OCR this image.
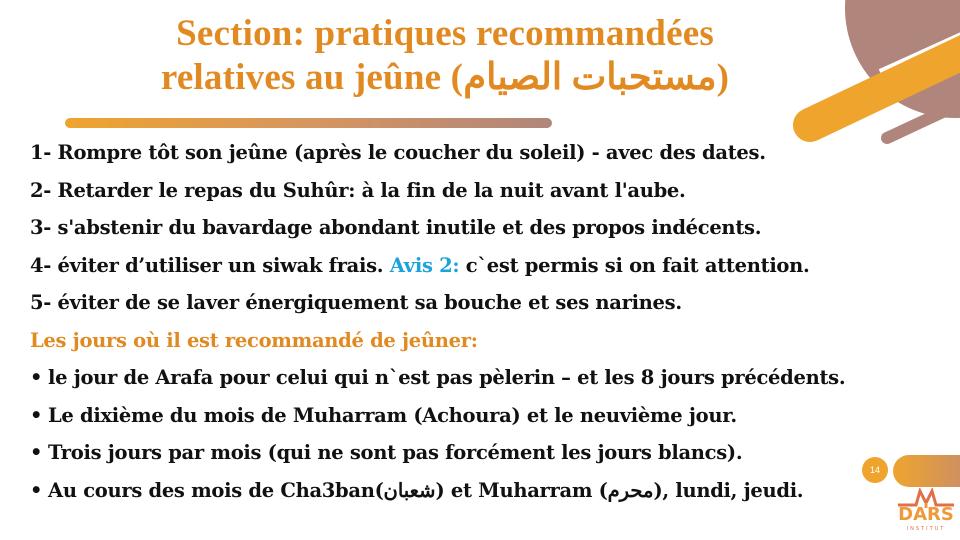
Section: pratiques recommandées
relatives au jeûne (مستحبات الصيام)
1- Rompre tôt son jeûne (après le coucher du soleil) - avec des dates.
2- Retarder le repas du Suhûr: à la fin de la nuit avant l'aube.
3- s'abstenir du bavardage abondant inutile et des propos indécents.
4- éviter d’utiliser un siwak frais. Avis 2: c`est permis si on fait attention.
5- éviter de se laver énergiquement sa bouche et ses narines.
Les jours où il est recommandé de jeûner:
• le jour de Arafa pour celui qui n`est pas pèlerin – et les 8 jours précédents.
• Le dixième du mois de Muharram (Achoura) et le neuvième jour.
• Trois jours par mois (qui ne sont pas forcément les jours blancs).
• Au cours des mois de Cha3ban(شعبان) et Muharram (محرم), lundi, jeudi.
14
DARS
INSTITUT
